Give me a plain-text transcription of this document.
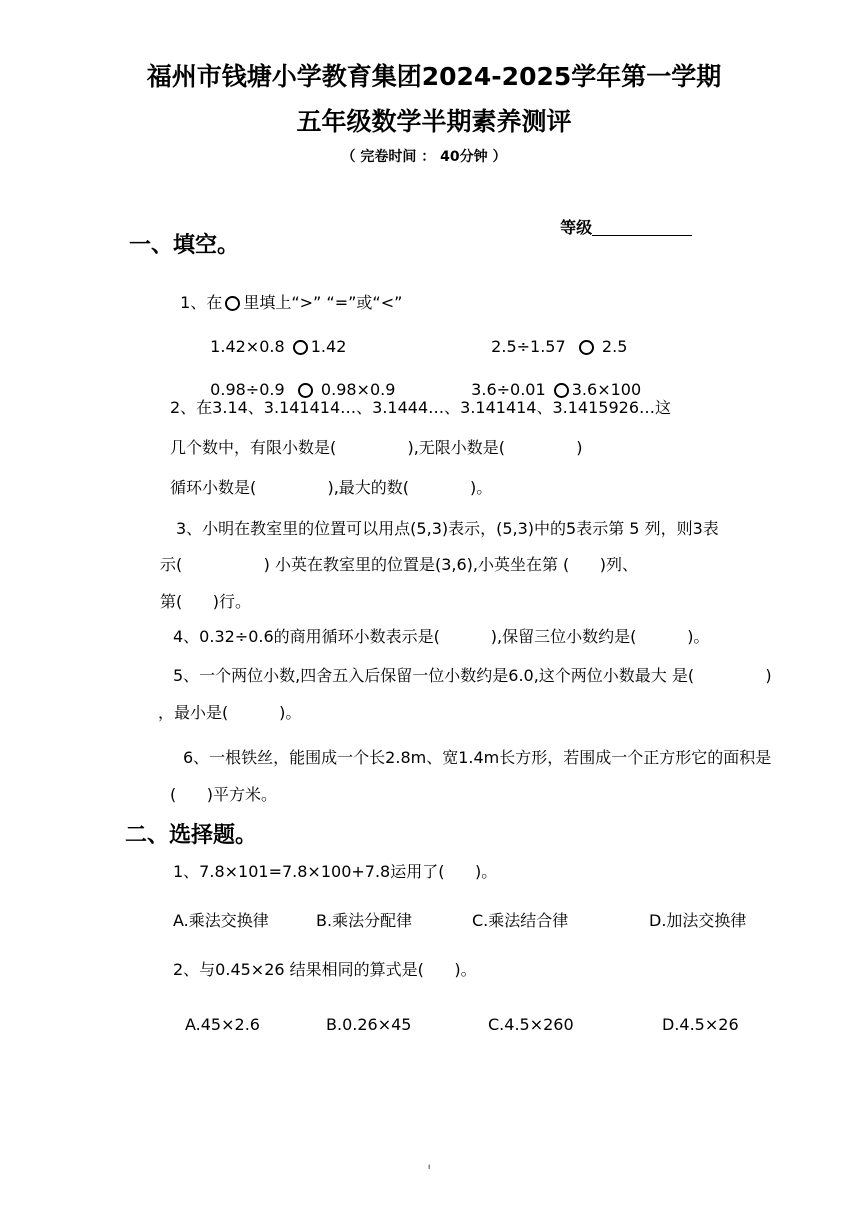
福州市钱塘小学教育集团2024-2025学年第一学期
五年级数学半期素养测评
（ 完卷时间 ： 40分钟 ）

等级

一、填空。

1、在 里填上“>” “=”或“<”

1.42×0.8 1.42	2.5÷1.57 2.5

0.98÷0.9 0.98×0.9	3.6÷0.01 3.6×100

2、在3.14、3.141414…、3.1444…、3.141414、3.1415926…这
几个数中，有限小数是(              ),无限小数是(              )
循环小数是(              ),最大的数(            )。
3、小明在教室里的位置可以用点(5,3)表示，(5,3)中的5表示第 5 列，则3表
示(                ) 小英在教室里的位置是(3,6),小英坐在第 (      )列、
第(      )行。
4、0.32÷0.6的商用循环小数表示是(          ),保留三位小数约是(          )。
5、一个两位小数,四舍五入后保留一位小数约是6.0,这个两位小数最大 是(              )
，最小是(          )。
6、一根铁丝，能围成一个长2.8m、宽1.4m长方形，若围成一个正方形它的面积是
(      )平方米。
二、选择题。
1、7.8×101=7.8×100+7.8运用了(      )。
A.乘法交换律	B.乘法分配律	C.乘法结合律	D.加法交换律
2、与0.45×26 结果相同的算式是(      )。
A.45×2.6	B.0.26×45	C.4.5×260	D.4.5×26
ı
